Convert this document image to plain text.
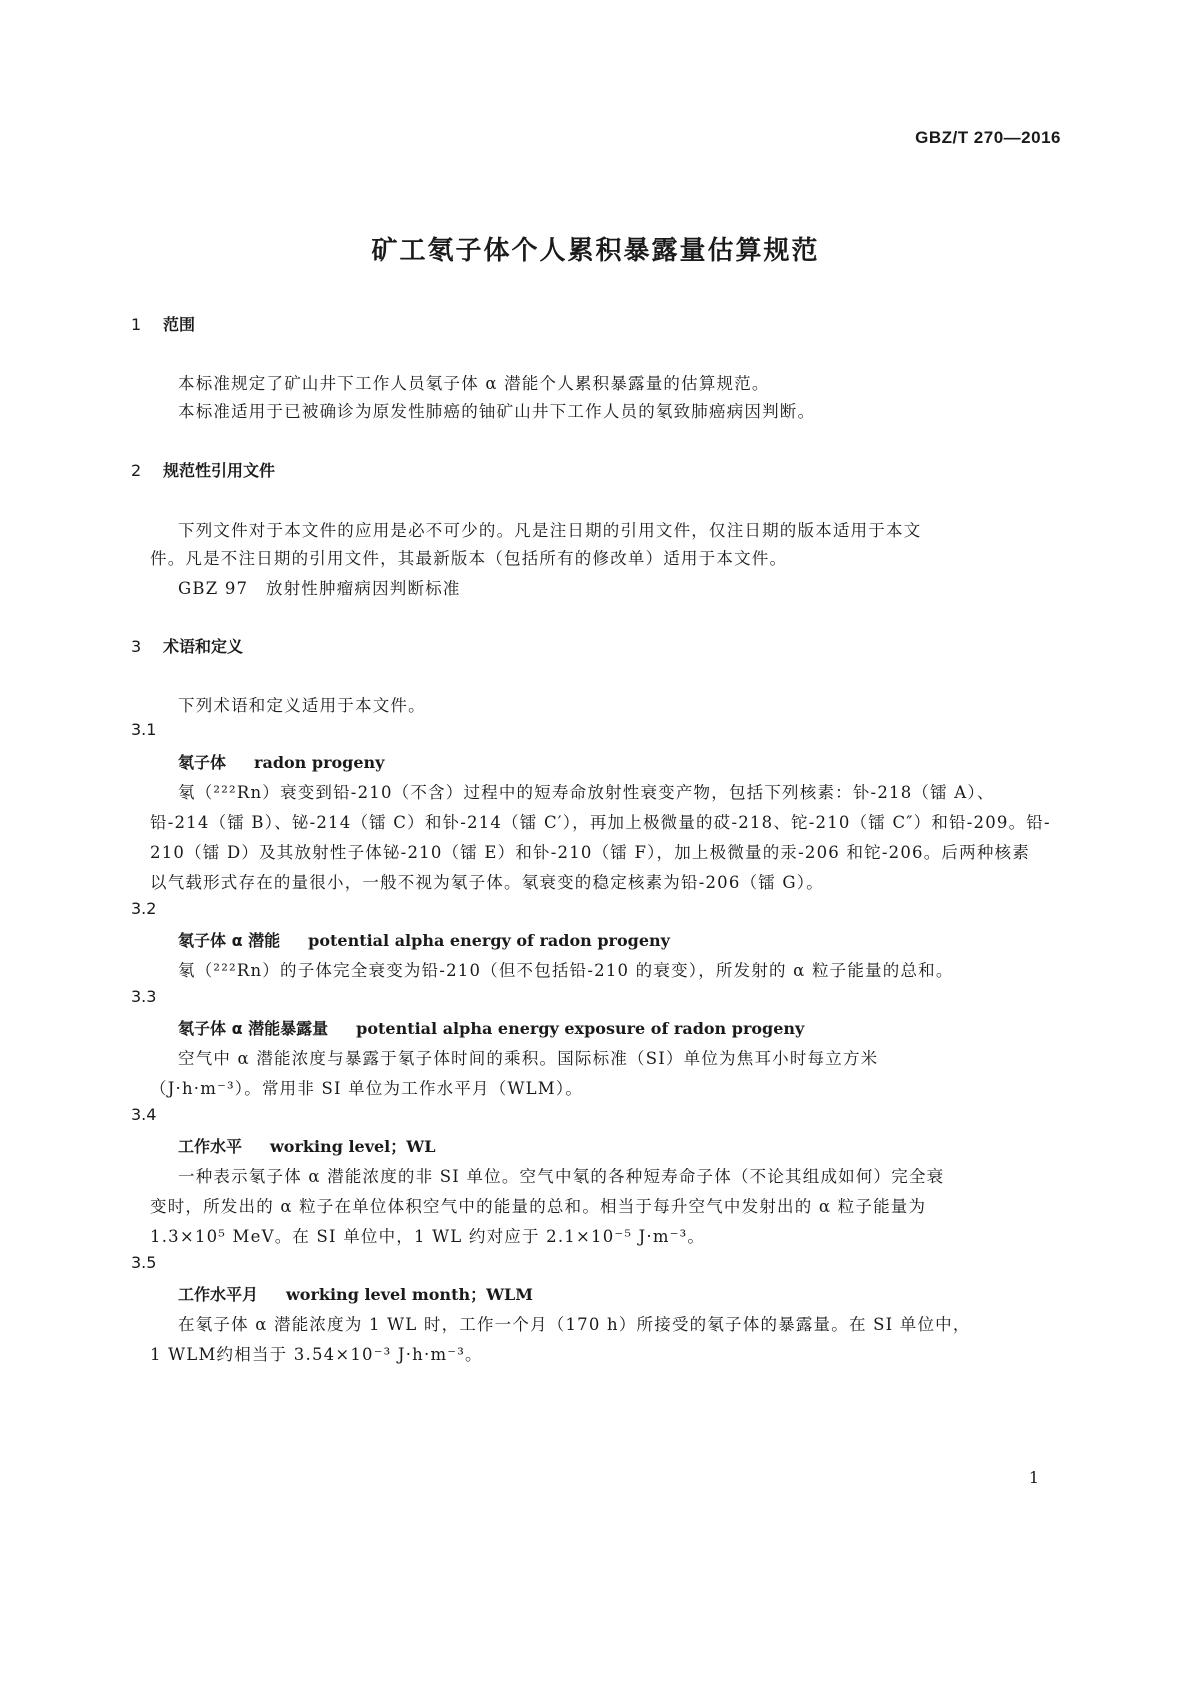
GBZ/T 270—2016
矿工氡子体个人累积暴露量估算规范
1 范围
本标准规定了矿山井下工作人员氡子体 α 潜能个人累积暴露量的估算规范。
本标准适用于已被确诊为原发性肺癌的铀矿山井下工作人员的氡致肺癌病因判断。
2 规范性引用文件
下列文件对于本文件的应用是必不可少的。凡是注日期的引用文件，仅注日期的版本适用于本文
件。凡是不注日期的引用文件，其最新版本（包括所有的修改单）适用于本文件。
GBZ 97　放射性肿瘤病因判断标准
3 术语和定义
下列术语和定义适用于本文件。
3.1
氡子体 radon progeny
氡（²²²Rn）衰变到铅-210（不含）过程中的短寿命放射性衰变产物，包括下列核素：钋-218（镭 A）、
铅-214（镭 B）、铋-214（镭 C）和钋-214（镭 C′），再加上极微量的砹-218、铊-210（镭 C″）和铅-209。铅-
210（镭 D）及其放射性子体铋-210（镭 E）和钋-210（镭 F），加上极微量的汞-206 和铊-206。后两种核素
以气载形式存在的量很小，一般不视为氡子体。氡衰变的稳定核素为铅-206（镭 G）。
3.2
氡子体 α 潜能 potential alpha energy of radon progeny
氡（²²²Rn）的子体完全衰变为铅-210（但不包括铅-210 的衰变），所发射的 α 粒子能量的总和。
3.3
氡子体 α 潜能暴露量 potential alpha energy exposure of radon progeny
空气中 α 潜能浓度与暴露于氡子体时间的乘积。国际标准（SI）单位为焦耳小时每立方米
（J·h·m⁻³）。常用非 SI 单位为工作水平月（WLM）。
3.4
工作水平 working level；WL
一种表示氡子体 α 潜能浓度的非 SI 单位。空气中氡的各种短寿命子体（不论其组成如何）完全衰
变时，所发出的 α 粒子在单位体积空气中的能量的总和。相当于每升空气中发射出的 α 粒子能量为
1.3×10⁵ MeV。在 SI 单位中，1 WL 约对应于 2.1×10⁻⁵ J·m⁻³。
3.5
工作水平月 working level month；WLM
在氡子体 α 潜能浓度为 1 WL 时，工作一个月（170 h）所接受的氡子体的暴露量。在 SI 单位中，
1 WLM约相当于 3.54×10⁻³ J·h·m⁻³。
1
